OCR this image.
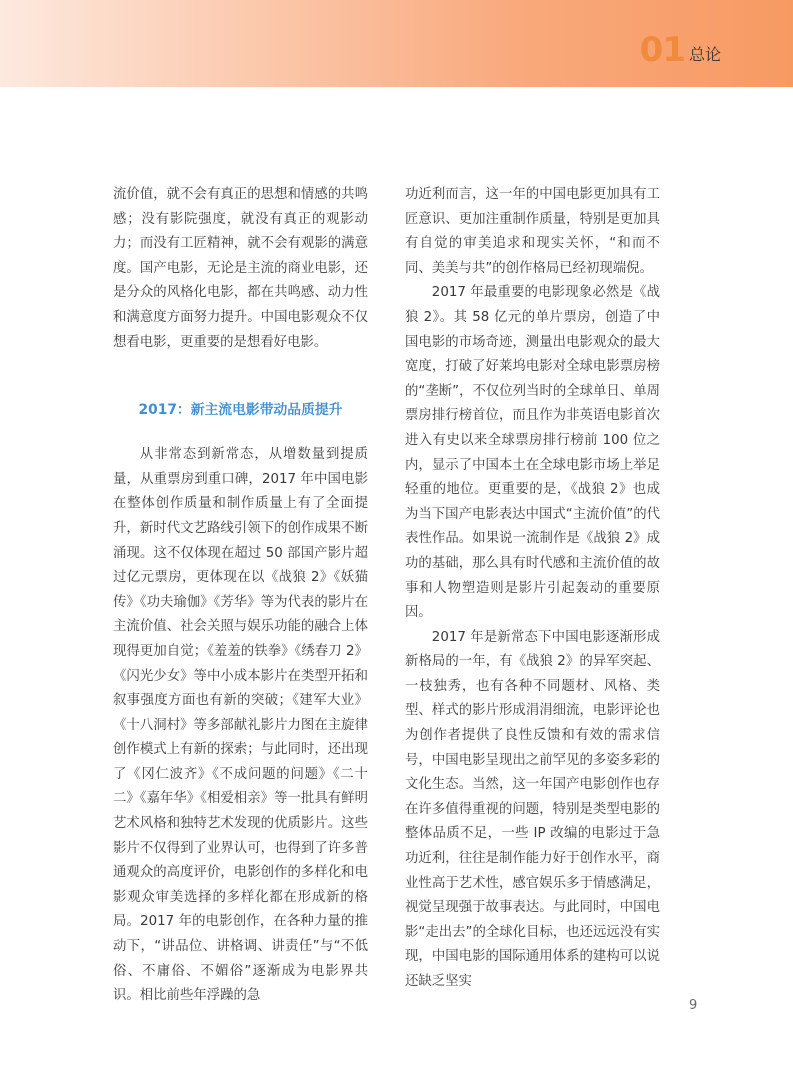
01 总论

流价值，就不会有真正的思想和情感的共鸣感；没有影院强度，就没有真正的观影动力；而没有工匠精神，就不会有观影的满意度。国产电影，无论是主流的商业电影，还是分众的风格化电影，都在共鸣感、动力性和满意度方面努力提升。中国电影观众不仅想看电影，更重要的是想看好电影。

2017：新主流电影带动品质提升

从非常态到新常态，从增数量到提质量，从重票房到重口碑，2017 年中国电影在整体创作质量和制作质量上有了全面提升，新时代文艺路线引领下的创作成果不断涌现。这不仅体现在超过 50 部国产影片超过亿元票房，更体现在以《战狼 2》《妖猫传》《功夫瑜伽》《芳华》等为代表的影片在主流价值、社会关照与娱乐功能的融合上体现得更加自觉；《羞羞的铁拳》《绣春刀 2》《闪光少女》等中小成本影片在类型开拓和叙事强度方面也有新的突破；《建军大业》《十八洞村》等多部献礼影片力图在主旋律创作模式上有新的探索；与此同时，还出现了《冈仁波齐》《不成问题的问题》《二十二》《嘉年华》《相爱相亲》等一批具有鲜明艺术风格和独特艺术发现的优质影片。这些影片不仅得到了业界认可，也得到了许多普通观众的高度评价，电影创作的多样化和电影观众审美选择的多样化都在形成新的格局。2017 年的电影创作，在各种力量的推动下，“讲品位、讲格调、讲责任”与“不低俗、不庸俗、不媚俗”逐渐成为电影界共识。相比前些年浮躁的急

功近利而言，这一年的中国电影更加具有工匠意识、更加注重制作质量，特别是更加具有自觉的审美追求和现实关怀，“和而不同、美美与共”的创作格局已经初现端倪。

2017 年最重要的电影现象必然是《战狼 2》。其 58 亿元的单片票房，创造了中国电影的市场奇迹，测量出电影观众的最大宽度，打破了好莱坞电影对全球电影票房榜的“垄断”，不仅位列当时的全球单日、单周票房排行榜首位，而且作为非英语电影首次进入有史以来全球票房排行榜前 100 位之内，显示了中国本土在全球电影市场上举足轻重的地位。更重要的是，《战狼 2》也成为当下国产电影表达中国式“主流价值”的代表性作品。如果说一流制作是《战狼 2》成功的基础，那么具有时代感和主流价值的故事和人物塑造则是影片引起轰动的重要原因。

2017 年是新常态下中国电影逐渐形成新格局的一年，有《战狼 2》的异军突起、一枝独秀，也有各种不同题材、风格、类型、样式的影片形成涓涓细流，电影评论也为创作者提供了良性反馈和有效的需求信号，中国电影呈现出之前罕见的多姿多彩的文化生态。当然，这一年国产电影创作也存在许多值得重视的问题，特别是类型电影的整体品质不足，一些 IP 改编的电影过于急功近利，往往是制作能力好于创作水平，商业性高于艺术性，感官娱乐多于情感满足，视觉呈现强于故事表达。与此同时，中国电影“走出去”的全球化目标，也还远远没有实现，中国电影的国际通用体系的建构可以说还缺乏坚实

9
